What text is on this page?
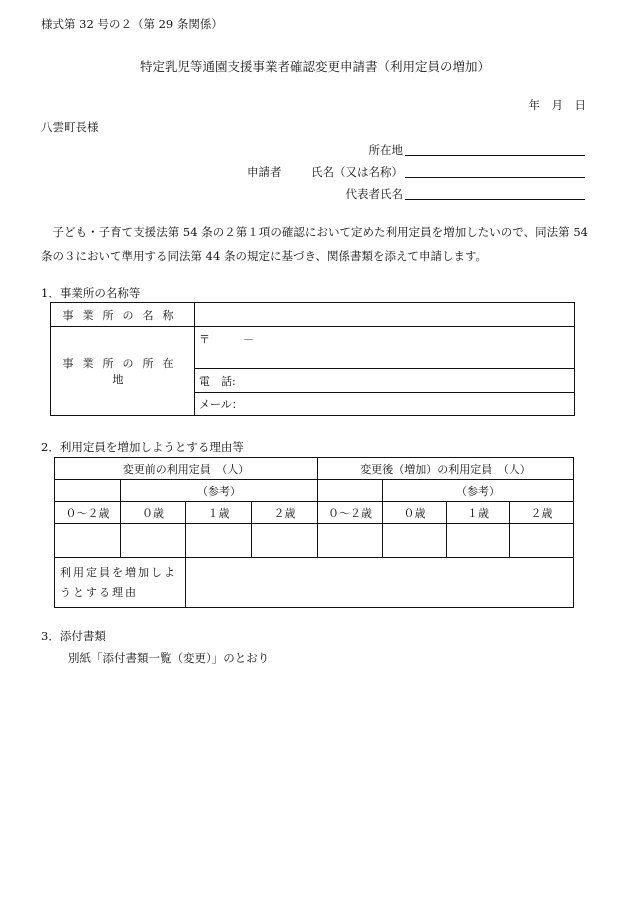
様式第 32 号の２（第 29 条関係）
特定乳児等通園支援事業者確認変更申請書（利用定員の増加）
年　月　日
八雲町長様
所在地
申請者	氏名（又は名称）
代表者氏名
子ども・子育て支援法第 54 条の２第１項の確認において定めた利用定員を増加したいので、同法第 54 条の３において準用する同法第 44 条の規定に基づき、関係書類を添えて申請します。
1．事業所の名称等
事業所の名称	
事業所の所在地	〒　　　－
	電　話:
	メール：
2．利用定員を増加しようとする理由等
変更前の利用定員　（人）				変更後（増加）の利用定員　（人）			
	（参考）				（参考）		
０～２歳	０歳	１歳	２歳	０～２歳	０歳	１歳	２歳

利用定員を増加しようとする理由							
3．添付書類
別紙「添付書類一覧（変更）」のとおり
